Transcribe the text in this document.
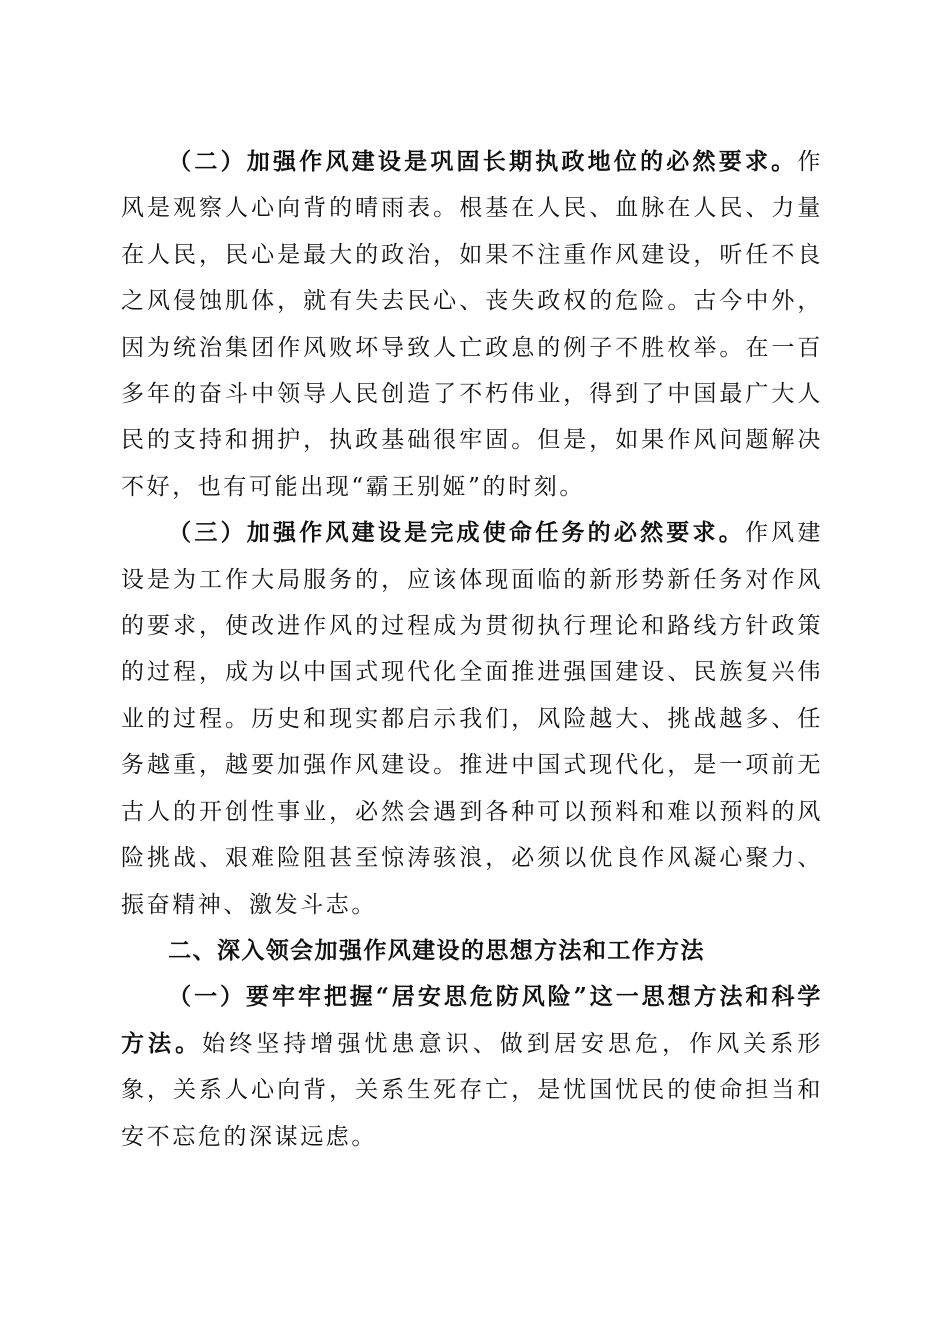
（二）加强作风建设是巩固长期执政地位的必然要求。作风是观察人心向背的晴雨表。根基在人民、血脉在人民、力量在人民，民心是最大的政治，如果不注重作风建设，听任不良之风侵蚀肌体，就有失去民心、丧失政权的危险。古今中外，因为统治集团作风败坏导致人亡政息的例子不胜枚举。在一百多年的奋斗中领导人民创造了不朽伟业，得到了中国最广大人民的支持和拥护，执政基础很牢固。但是，如果作风问题解决不好，也有可能出现“霸王别姬”的时刻。

（三）加强作风建设是完成使命任务的必然要求。作风建设是为工作大局服务的，应该体现面临的新形势新任务对作风的要求，使改进作风的过程成为贯彻执行理论和路线方针政策的过程，成为以中国式现代化全面推进强国建设、民族复兴伟业的过程。历史和现实都启示我们，风险越大、挑战越多、任务越重，越要加强作风建设。推进中国式现代化，是一项前无古人的开创性事业，必然会遇到各种可以预料和难以预料的风险挑战、艰难险阻甚至惊涛骇浪，必须以优良作风凝心聚力、振奋精神、激发斗志。

二、深入领会加强作风建设的思想方法和工作方法

（一）要牢牢把握“居安思危防风险”这一思想方法和科学方法。始终坚持增强忧患意识、做到居安思危，作风关系形象，关系人心向背，关系生死存亡，是忧国忧民的使命担当和安不忘危的深谋远虑。
